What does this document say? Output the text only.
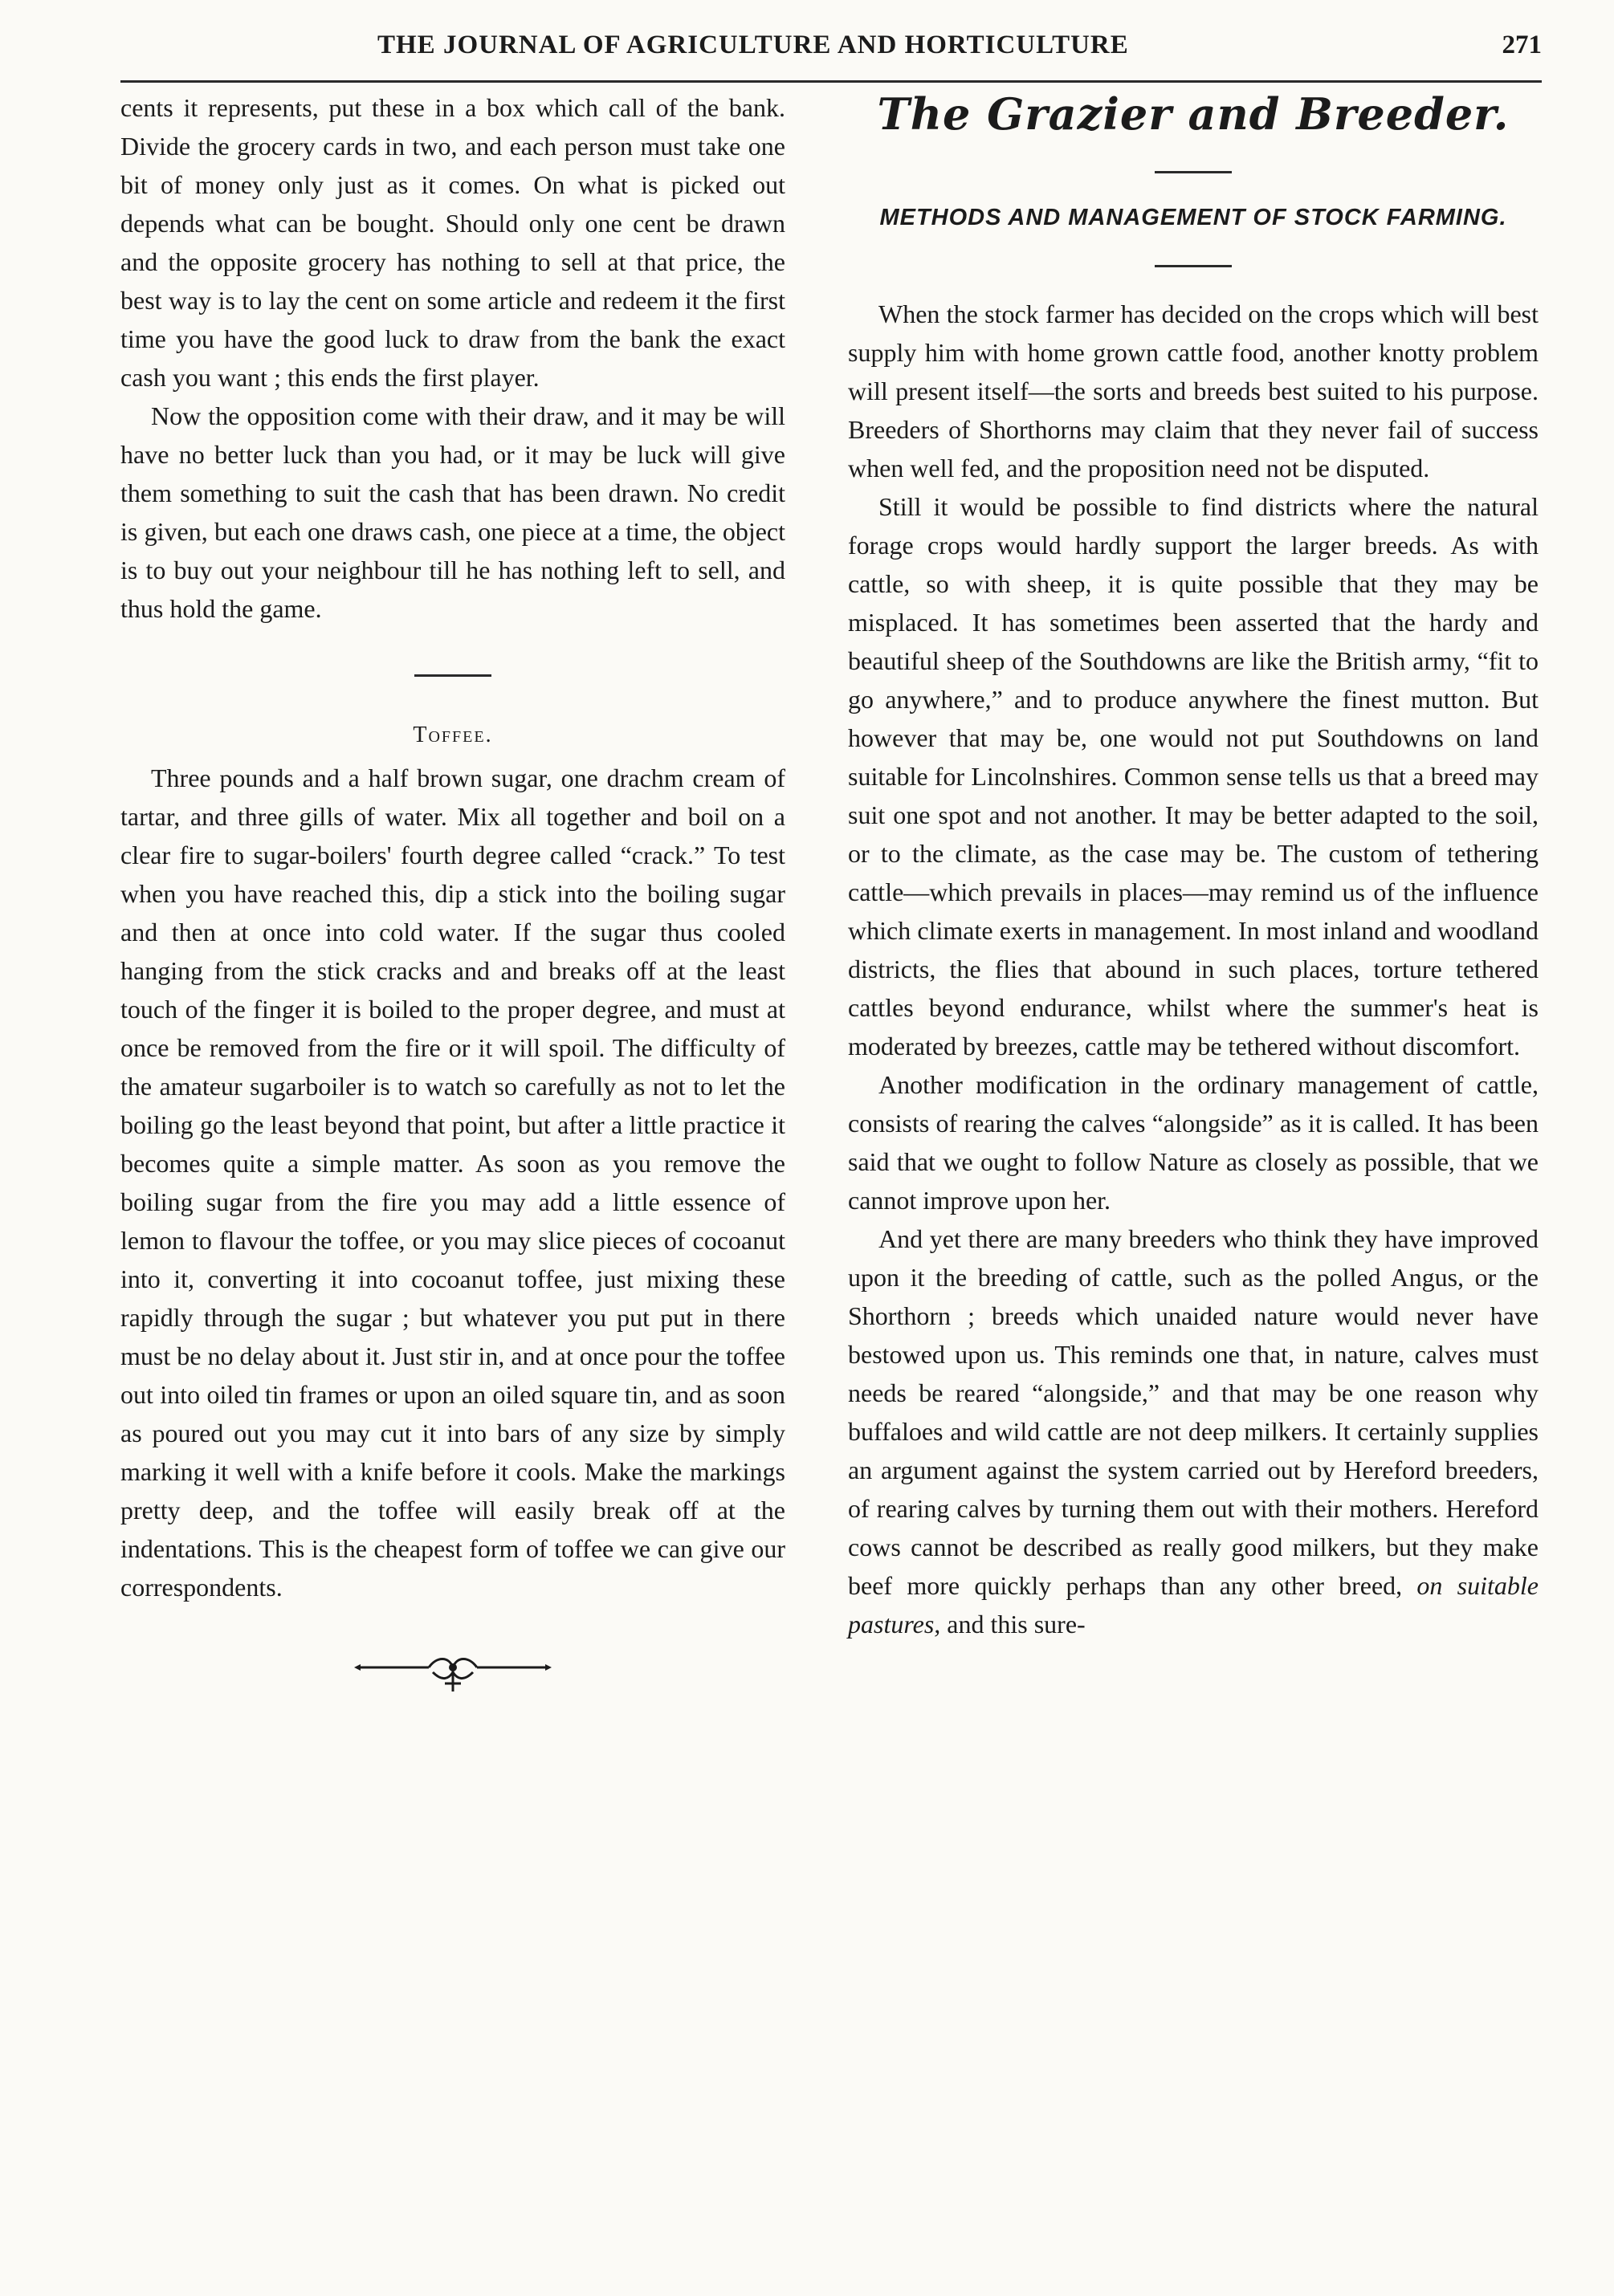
THE JOURNAL OF AGRICULTURE AND HORTICULTURE	271

cents it represents, put these in a box which call of the bank. Divide the grocery cards in two, and each person must take one bit of money only just as it comes. On what is picked out depends what can be bought. Should only one cent be drawn and the opposite grocery has nothing to sell at that price, the best way is to lay the cent on some article and redeem it the first time you have the good luck to draw from the bank the exact cash you want ; this ends the first player.

Now the opposition come with their draw, and it may be will have no better luck than you had, or it may be luck will give them something to suit the cash that has been drawn. No credit is given, but each one draws cash, one piece at a time, the object is to buy out your neighbour till he has nothing left to sell, and thus hold the game.

Toffee.

Three pounds and a half brown sugar, one drachm cream of tartar, and three gills of water. Mix all together and boil on a clear fire to sugar-boilers' fourth degree called “crack.” To test when you have reached this, dip a stick into the boiling sugar and then at once into cold water. If the sugar thus cooled hanging from the stick cracks and and breaks off at the least touch of the finger it is boiled to the proper degree, and must at once be removed from the fire or it will spoil. The difficulty of the amateur sugarboiler is to watch so carefully as not to let the boiling go the least beyond that point, but after a little practice it becomes quite a simple matter. As soon as you remove the boiling sugar from the fire you may add a little essence of lemon to flavour the toffee, or you may slice pieces of cocoanut into it, converting it into cocoanut toffee, just mixing these rapidly through the sugar ; but whatever you put put in there must be no delay about it. Just stir in, and at once pour the toffee out into oiled tin frames or upon an oiled square tin, and as soon as poured out you may cut it into bars of any size by simply marking it well with a knife before it cools. Make the markings pretty deep, and the toffee will easily break off at the indentations. This is the cheapest form of toffee we can give our correspondents.

The Grazier and Breeder.
METHODS AND MANAGEMENT OF STOCK FARMING.

When the stock farmer has decided on the crops which will best supply him with home grown cattle food, another knotty problem will present itself—the sorts and breeds best suited to his purpose. Breeders of Shorthorns may claim that they never fail of success when well fed, and the proposition need not be disputed.

Still it would be possible to find districts where the natural forage crops would hardly support the larger breeds. As with cattle, so with sheep, it is quite possible that they may be misplaced. It has sometimes been asserted that the hardy and beautiful sheep of the Southdowns are like the British army, “fit to go anywhere,” and to produce anywhere the finest mutton. But however that may be, one would not put Southdowns on land suitable for Lincolnshires. Common sense tells us that a breed may suit one spot and not another. It may be better adapted to the soil, or to the climate, as the case may be. The custom of tethering cattle—which prevails in places—may remind us of the influence which climate exerts in management. In most inland and woodland districts, the flies that abound in such places, torture tethered cattles beyond endurance, whilst where the summer's heat is moderated by breezes, cattle may be tethered without discomfort.

Another modification in the ordinary management of cattle, consists of rearing the calves “alongside” as it is called. It has been said that we ought to follow Nature as closely as possible, that we cannot improve upon her.

And yet there are many breeders who think they have improved upon it the breeding of cattle, such as the polled Angus, or the Shorthorn ; breeds which unaided nature would never have bestowed upon us. This reminds one that, in nature, calves must needs be reared “alongside,” and that may be one reason why buffaloes and wild cattle are not deep milkers. It certainly supplies an argument against the system carried out by Hereford breeders, of rearing calves by turning them out with their mothers. Hereford cows cannot be described as really good milkers, but they make beef more quickly perhaps than any other breed, on suitable pastures, and this sure-
